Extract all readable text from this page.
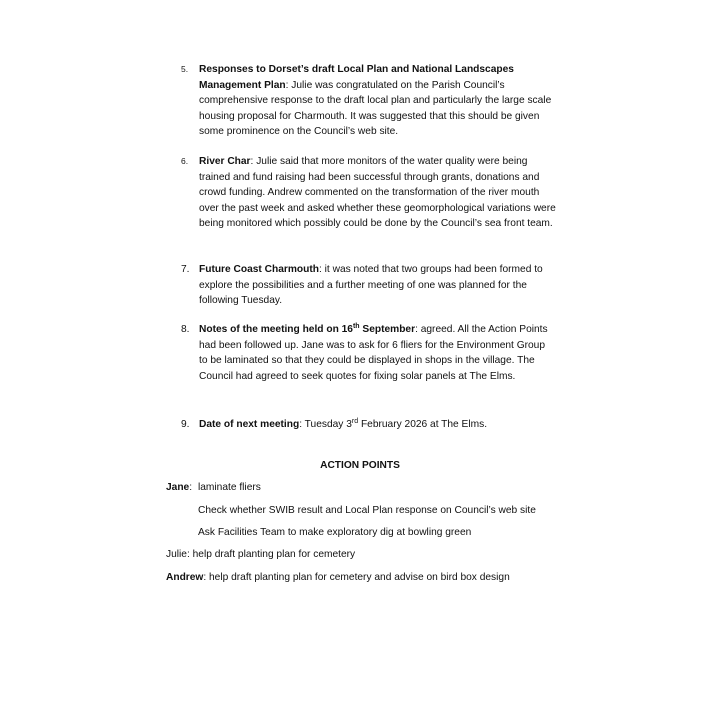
5.	Responses to Dorset’s draft Local Plan and National Landscapes Management Plan: Julie was congratulated on the Parish Council’s comprehensive response to the draft local plan and particularly the large scale housing proposal for Charmouth. It was suggested that this should be given some prominence on the Council’s web site.
6.	River Char: Julie said that more monitors of the water quality were being trained and fund raising had been successful through grants, donations and crowd funding. Andrew commented on the transformation of the river mouth over the past week and asked whether these geomorphological variations were being monitored which possibly could be done by the Council’s sea front team.
7. Future Coast Charmouth: it was noted that two groups had been formed to explore the possibilities and a further meeting of one was planned for the following Tuesday.
8. Notes of the meeting held on 16th September: agreed. All the Action Points had been followed up. Jane was to ask for 6 fliers for the Environment Group to be laminated so that they could be displayed in shops in the village. The Council had agreed to seek quotes for fixing solar panels at The Elms.
9. Date of next meeting: Tuesday 3rd February 2026 at The Elms.
ACTION POINTS
Jane: laminate fliers
Check whether SWIB result and Local Plan response on Council’s web site
Ask Facilities Team to make exploratory dig at bowling green
Julie: help draft planting plan for cemetery
Andrew: help draft planting plan for cemetery and advise on bird box design
